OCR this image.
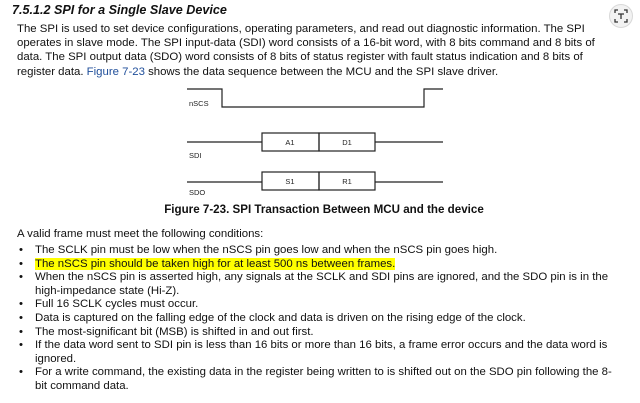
7.5.1.2 SPI for a Single Slave Device

The SPI is used to set device configurations, operating parameters, and read out diagnostic information. The SPI operates in slave mode. The SPI input-data (SDI) word consists of a 16-bit word, with 8 bits command and 8 bits of data. The SPI output data (SDO) word consists of 8 bits of status register with fault status indication and 8 bits of register data. Figure 7-23 shows the data sequence between the MCU and the SPI slave driver.

nSCS
SDI
SDO
A1	D1
S1	R1
Figure 7-23. SPI Transaction Between MCU and the device
A valid frame must meet the following conditions:
• The SCLK pin must be low when the nSCS pin goes low and when the nSCS pin goes high.
• The nSCS pin should be taken high for at least 500 ns between frames.
• When the nSCS pin is asserted high, any signals at the SCLK and SDI pins are ignored, and the SDO pin is in the high-impedance state (Hi-Z).
• Full 16 SCLK cycles must occur.
• Data is captured on the falling edge of the clock and data is driven on the rising edge of the clock.
• The most-significant bit (MSB) is shifted in and out first.
• If the data word sent to SDI pin is less than 16 bits or more than 16 bits, a frame error occurs and the data word is ignored.
• For a write command, the existing data in the register being written to is shifted out on the SDO pin following the 8-bit command data.
